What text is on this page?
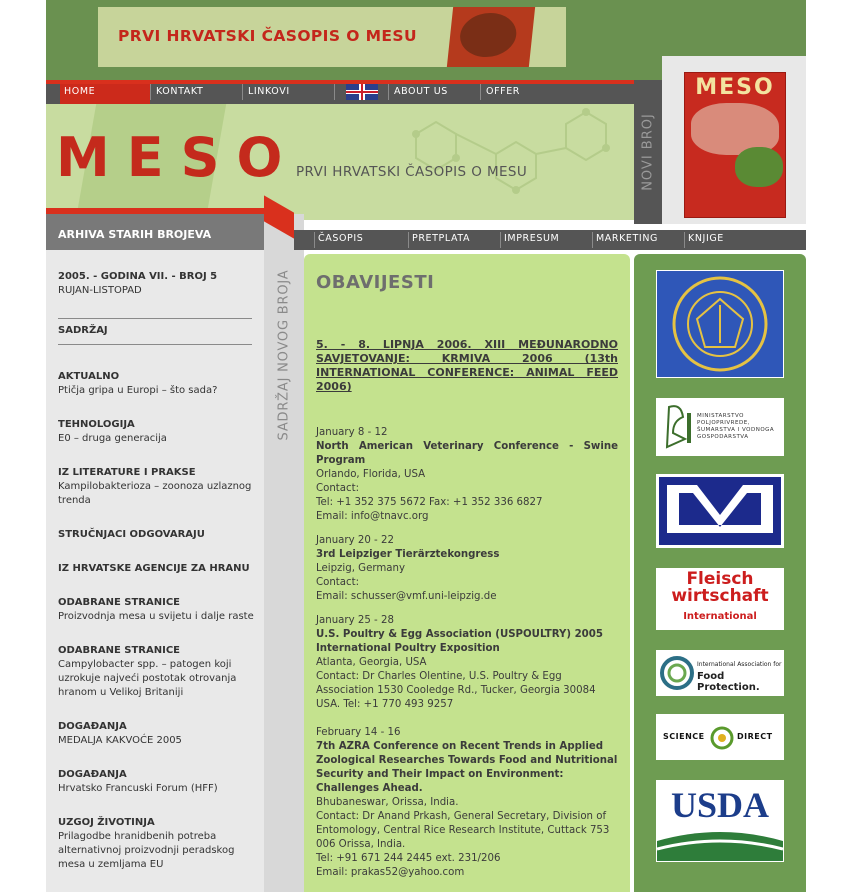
PRVI HRVATSKI ČASOPIS O MESU
HOME	KONTAKT	LINKOVI	ABOUT US	OFFER
MESO
PRVI HRVATSKI ČASOPIS O MESU	NOVI BROJ
MESO
ARHIVA STARIH BROJEVA
2005. - GODINA VII. - BROJ 5
RUJAN-LISTOPAD
SADRŽAJ
AKTUALNO
Ptičja gripa u Europi – što sada?
TEHNOLOGIJA
E0 – druga generacija
IZ LITERATURE I PRAKSE
Kampilobakterioza – zoonoza uzlaznog trenda
STRUČNJACI ODGOVARAJU
IZ HRVATSKE AGENCIJE ZA HRANU
ODABRANE STRANICE
Proizvodnja mesa u svijetu i dalje raste
ODABRANE STRANICE
Campylobacter spp. – patogen koji uzrokuje najveći postotak otrovanja hranom u Velikoj Britaniji
DOGAĐANJA
MEDALJA KAKVOĆE 2005
DOGAĐANJA
Hrvatsko Francuski Forum (HFF)
UZGOJ ŽIVOTINJA
Prilagodbe hranidbenih potreba alternativnoj proizvodnji peradskog mesa u zemljama EU
SADRŽAJ NOVOG BROJA
ČASOPIS	PRETPLATA	IMPRESUM	MARKETING	KNJIGE
OBAVIJESTI
5. - 8. LIPNJA 2006. XIII MEĐUNARODNO SAVJETOVANJE: KRMIVA 2006 (13th INTERNATIONAL CONFERENCE: ANIMAL FEED 2006)
January 8 - 12
North American Veterinary Conference - Swine Program
Orlando, Florida, USA
Contact:
Tel: +1 352 375 5672 Fax: +1 352 336 6827
Email: info@tnavc.org
January 20 - 22
3rd Leipziger Tierärztekongress
Leipzig, Germany
Contact:
Email: schusser@vmf.uni-leipzig.de
January 25 - 28
U.S. Poultry & Egg Association (USPOULTRY) 2005 International Poultry Exposition
Atlanta, Georgia, USA
Contact: Dr Charles Olentine, U.S. Poultry & Egg Association 1530 Cooledge Rd., Tucker, Georgia 30084 USA. Tel: +1 770 493 9257
February 14 - 16
7th AZRA Conference on Recent Trends in Applied Zoological Researches Towards Food and Nutritional Security and Their Impact on Environment: Challenges Ahead.
Bhubaneswar, Orissa, India.
Contact: Dr Anand Prkash, General Secretary, Division of Entomology, Central Rice Research Institute, Cuttack 753 006 Orissa, India.
Tel: +91 671 244 2445 ext. 231/206
Email: prakas52@yahoo.com
MINISTARSTVO POLJOPRIVREDE, ŠUMARSTVA I VODNOGA GOSPODARSTVA
Fleisch
wirtschaft
International
International Association for
Food Protection.
SCIENCE	DIRECT
USDA
